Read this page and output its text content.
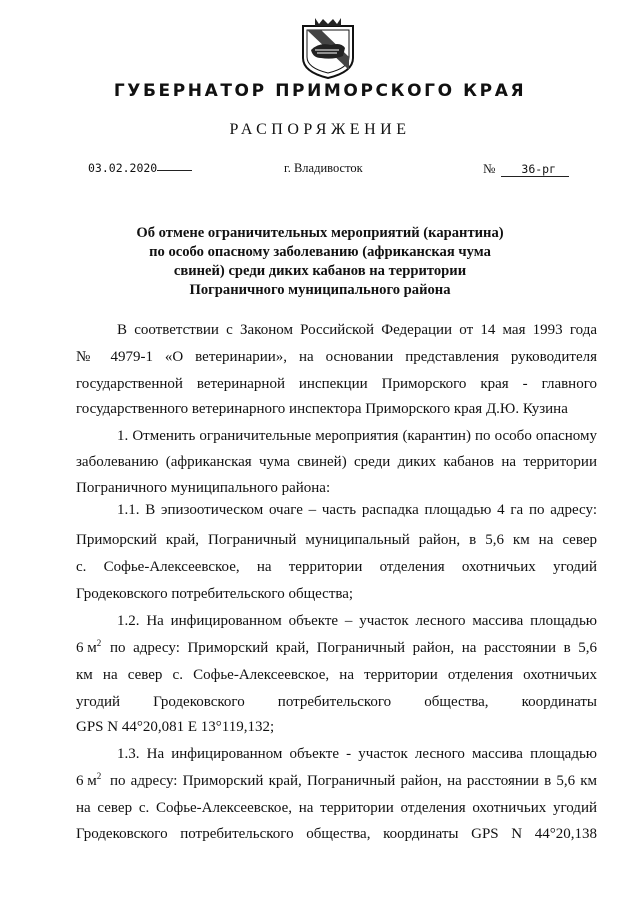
ГУБЕРНАТОР ПРИМОРСКОГО КРАЯ
РАСПОРЯЖЕНИЕ
03.02.2020	г. Владивосток	№ 36-рг
Об отмене ограничительных мероприятий (карантина)
по особо опасному заболеванию (африканская чума
свиней) среди диких кабанов на территории
Пограничного муниципального района
В соответствии с Законом Российской Федерации от 14 мая 1993 года
№ 4979-1 «О ветеринарии», на основании представления руководителя
государственной ветеринарной инспекции Приморского края - главного
государственного ветеринарного инспектора Приморского края Д.Ю. Кузина
1. Отменить ограничительные мероприятия (карантин) по особо опасному
заболеванию (африканская чума свиней) среди диких кабанов на территории
Пограничного муниципального района:
1.1. В эпизоотическом очаге – часть распадка площадью 4 га по адресу:
Приморский край, Пограничный муниципальный район, в 5,6 км на север
с. Софье-Алексеевское, на территории отделения охотничьих угодий
Гродековского потребительского общества;
1.2. На инфицированном объекте – участок лесного массива площадью
6 $м^2$ по адресу: Приморский край, Пограничный район, на расстоянии в 5,6
км на север с. Софье-Алексеевское, на территории отделения охотничьих
угодий Гродековского потребительского общества, координаты
GPS N 44°20,081 E 13°119,132;
1.3. На инфицированном объекте - участок лесного массива площадью
6 $м^2$ по адресу: Приморский край, Пограничный район, на расстоянии в 5,6 км
на север с. Софье-Алексеевское, на территории отделения охотничьих угодий
Гродековского потребительского общества, координаты GPS N 44°20,138
